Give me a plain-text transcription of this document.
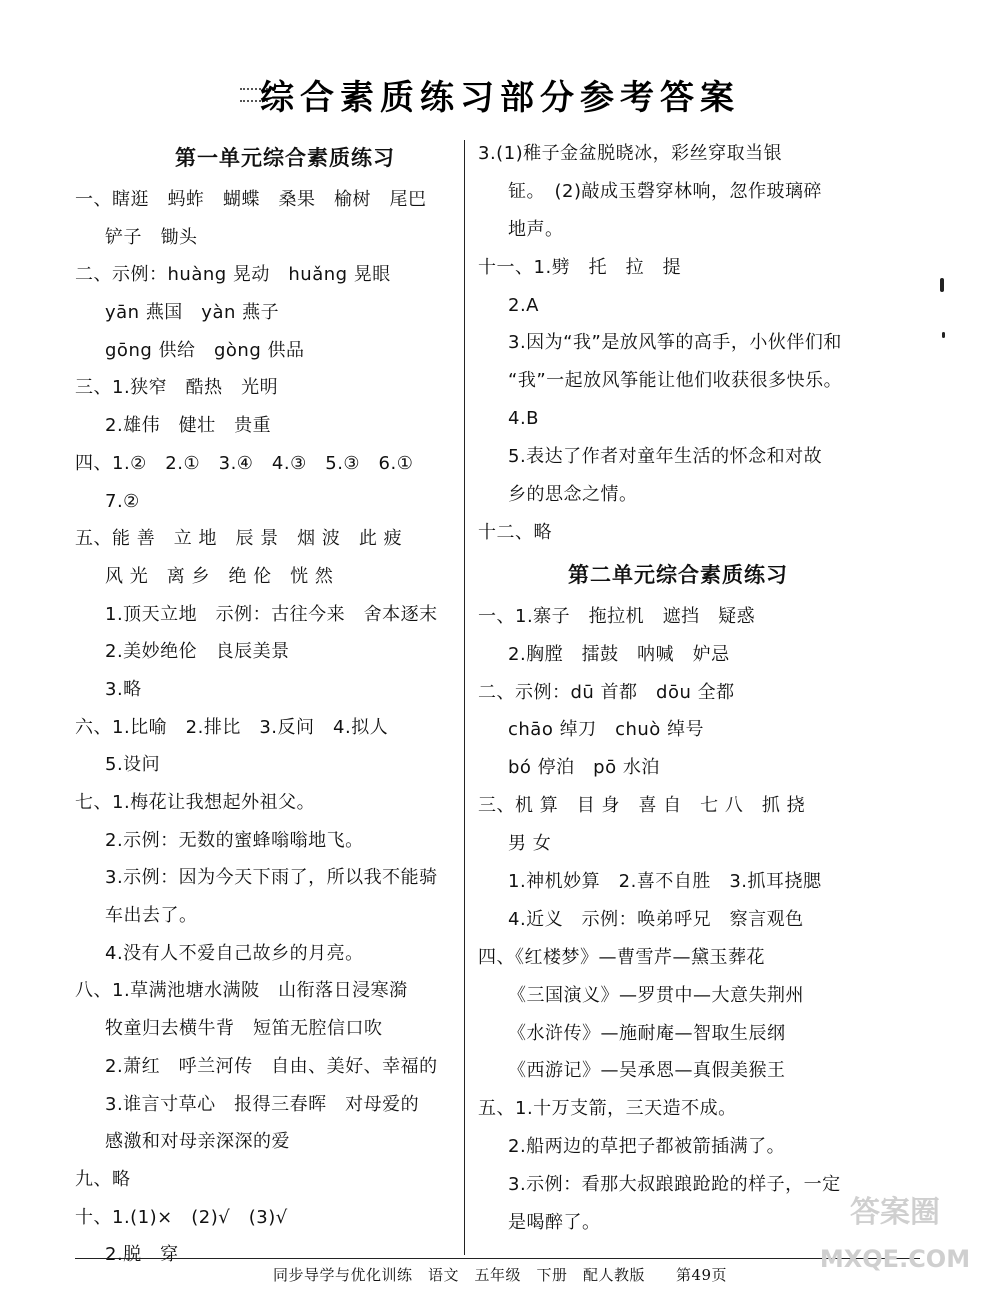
综合素质练习部分参考答案
第一单元综合素质练习
一、瞎逛　蚂蚱　蝴蝶　桑果　榆树　尾巴
铲子　锄头
二、示例：huàng 晃动　huǎng 晃眼
yān 燕国　yàn 燕子
gōng 供给　gòng 供品
三、1.狭窄　酷热　光明
2.雄伟　健壮　贵重
四、1.②　2.①　3.④　4.③　5.③　6.①
7.②
五、能 善　立 地　辰 景　烟 波　此 疲
风 光　离 乡　绝 伦　恍 然
1.顶天立地　示例：古往今来　舍本逐末
2.美妙绝伦　良辰美景
3.略
六、1.比喻　2.排比　3.反问　4.拟人
5.设问
七、1.梅花让我想起外祖父。
2.示例：无数的蜜蜂嗡嗡地飞。
3.示例：因为今天下雨了，所以我不能骑
车出去了。
4.没有人不爱自己故乡的月亮。
八、1.草满池塘水满陂　山衔落日浸寒漪
牧童归去横牛背　短笛无腔信口吹
2.萧红　呼兰河传　自由、美好、幸福的
3.谁言寸草心　报得三春晖　对母爱的
感激和对母亲深深的爱
九、略
十、1.(1)×　(2)√　(3)√
2.脱　穿
3.(1)稚子金盆脱晓冰，彩丝穿取当银
钲。　(2)敲成玉磬穿林响，忽作玻璃碎
地声。
十一、1.劈　托　拉　提
2.A
3.因为“我”是放风筝的高手，小伙伴们和
“我”一起放风筝能让他们收获很多快乐。
4.B
5.表达了作者对童年生活的怀念和对故
乡的思念之情。
十二、略
第二单元综合素质练习
一、1.寨子　拖拉机　遮挡　疑惑
2.胸膛　擂鼓　呐喊　妒忌
二、示例：dū 首都　dōu 全都
chāo 绰刀　chuò 绰号
bó 停泊　pō 水泊
三、机 算　目 身　喜 自　七 八　抓 挠
男 女
1.神机妙算　2.喜不自胜　3.抓耳挠腮
4.近义　示例：唤弟呼兄　察言观色
四、《红楼梦》—曹雪芹—黛玉葬花
《三国演义》—罗贯中—大意失荆州
《水浒传》—施耐庵—智取生辰纲
《西游记》—吴承恩—真假美猴王
五、1.十万支箭，三天造不成。
2.船两边的草把子都被箭插满了。
3.示例：看那大叔踉踉跄跄的样子，一定
是喝醉了。
同步导学与优化训练　语文　五年级　下册　配人教版　　第49页
答案圈
MXQE.COM
